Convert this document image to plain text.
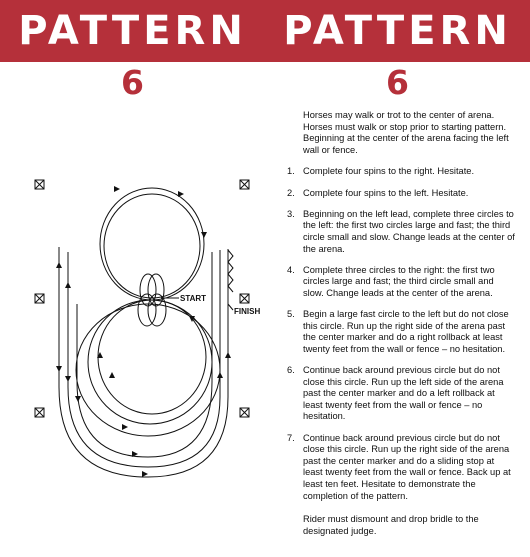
PATTERN PATTERN
6	6
START
FINISH
Horses may walk or trot to the center of arena. Horses must walk or stop prior to starting pattern. Beginning at the center of the arena facing the left wall or fence.
1. Complete four spins to the right. Hesitate.
2. Complete four spins to the left. Hesitate.
3. Beginning on the left lead, complete three circles to the left: the first two circles large and fast; the third circle small and slow. Change leads at the center of the arena.
4. Complete three circles to the right: the first two circles large and fast; the third circle small and slow. Change leads at the center of the arena.
5. Begin a large fast circle to the left but do not close this circle. Run up the right side of the arena past the center marker and do a right rollback at least twenty feet from the wall or fence – no hesitation.
6. Continue back around previous circle but do not close this circle. Run up the left side of the arena past the center marker and do a left rollback at least twenty feet from the wall or fence – no hesitation.
7. Continue back around previous circle but do not close this circle. Run up the right side of the arena past the center marker and do a sliding stop at least twenty feet from the wall or fence. Back up at least ten feet. Hesitate to demonstrate the completion of the pattern.
Rider must dismount and drop bridle to the designated judge.
